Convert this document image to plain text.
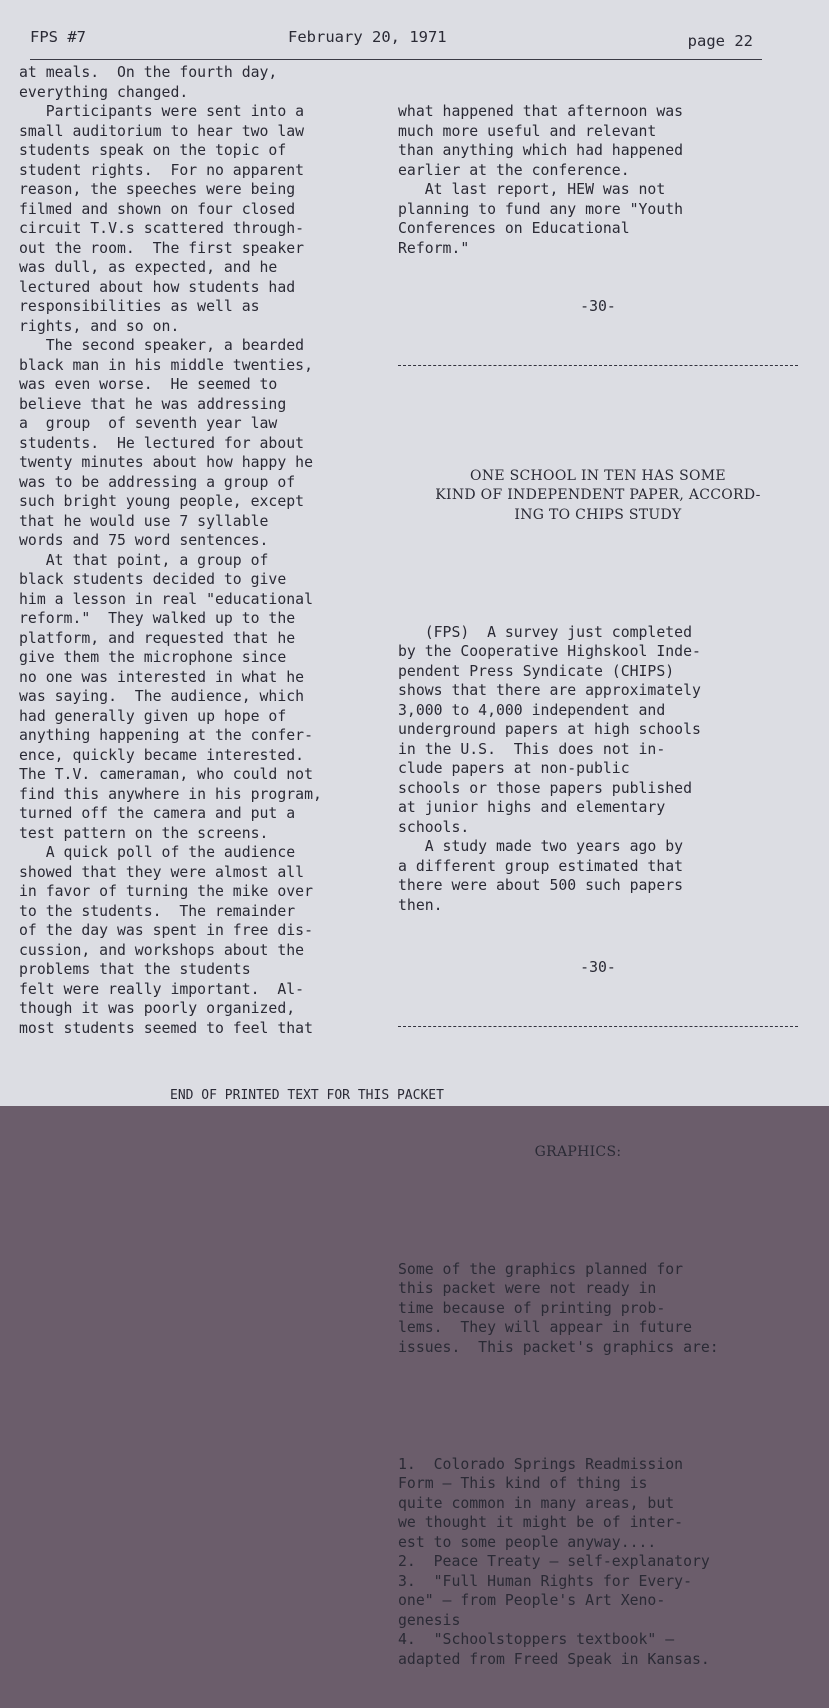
FPS #7	February 20, 1971	page 22
at meals.  On the fourth day,
everything changed.
Participants were sent into a
small auditorium to hear two law
students speak on the topic of
student rights.  For no apparent
reason, the speeches were being
filmed and shown on four closed
circuit T.V.s scattered through-
out the room.  The first speaker
was dull, as expected, and he
lectured about how students had
responsibilities as well as
rights, and so on.
The second speaker, a bearded
black man in his middle twenties,
was even worse.  He seemed to
believe that he was addressing
a  group  of seventh year law
students.  He lectured for about
twenty minutes about how happy he
was to be addressing a group of
such bright young people, except
that he would use 7 syllable
words and 75 word sentences.
At that point, a group of
black students decided to give
him a lesson in real "educational
reform."  They walked up to the
platform, and requested that he
give them the microphone since
no one was interested in what he
was saying.  The audience, which
had generally given up hope of
anything happening at the confer-
ence, quickly became interested.
The T.V. cameraman, who could not
find this anywhere in his program,
turned off the camera and put a
test pattern on the screens.
A quick poll of the audience
showed that they were almost all
in favor of turning the mike over
to the students.  The remainder
of the day was spent in free dis-
cussion, and workshops about the
problems that the students
felt were really important.  Al-
though it was poorly organized,
most students seemed to feel that

what happened that afternoon was
much more useful and relevant
than anything which had happened
earlier at the conference.
At last report, HEW was not
planning to fund any more "Youth
Conferences on Educational
Reform."

-30-

ONE SCHOOL IN TEN HAS SOME
KIND OF INDEPENDENT PAPER, ACCORD-
ING TO CHIPS STUDY

(FPS)  A survey just completed
by the Cooperative Highskool Inde-
pendent Press Syndicate (CHIPS)
shows that there are approximately
3,000 to 4,000 independent and
underground papers at high schools
in the U.S.  This does not in-
clude papers at non-public
schools or those papers published
at junior highs and elementary
schools.
A study made two years ago by
a different group estimated that
there were about 500 such papers
then.

-30-

GRAPHICS:

Some of the graphics planned for
this packet were not ready in
time because of printing prob-
lems.  They will appear in future
issues.  This packet's graphics are:

1.  Colorado Springs Readmission
Form — This kind of thing is
quite common in many areas, but
we thought it might be of inter-
est to some people anyway....
2.  Peace Treaty — self-explanatory
3.  "Full Human Rights for Every-
one" — from People's Art Xeno-
genesis
4.  "Schoolstoppers textbook" —
adapted from Freed Speak in Kansas.

END OF PRINTED TEXT FOR THIS PACKET
